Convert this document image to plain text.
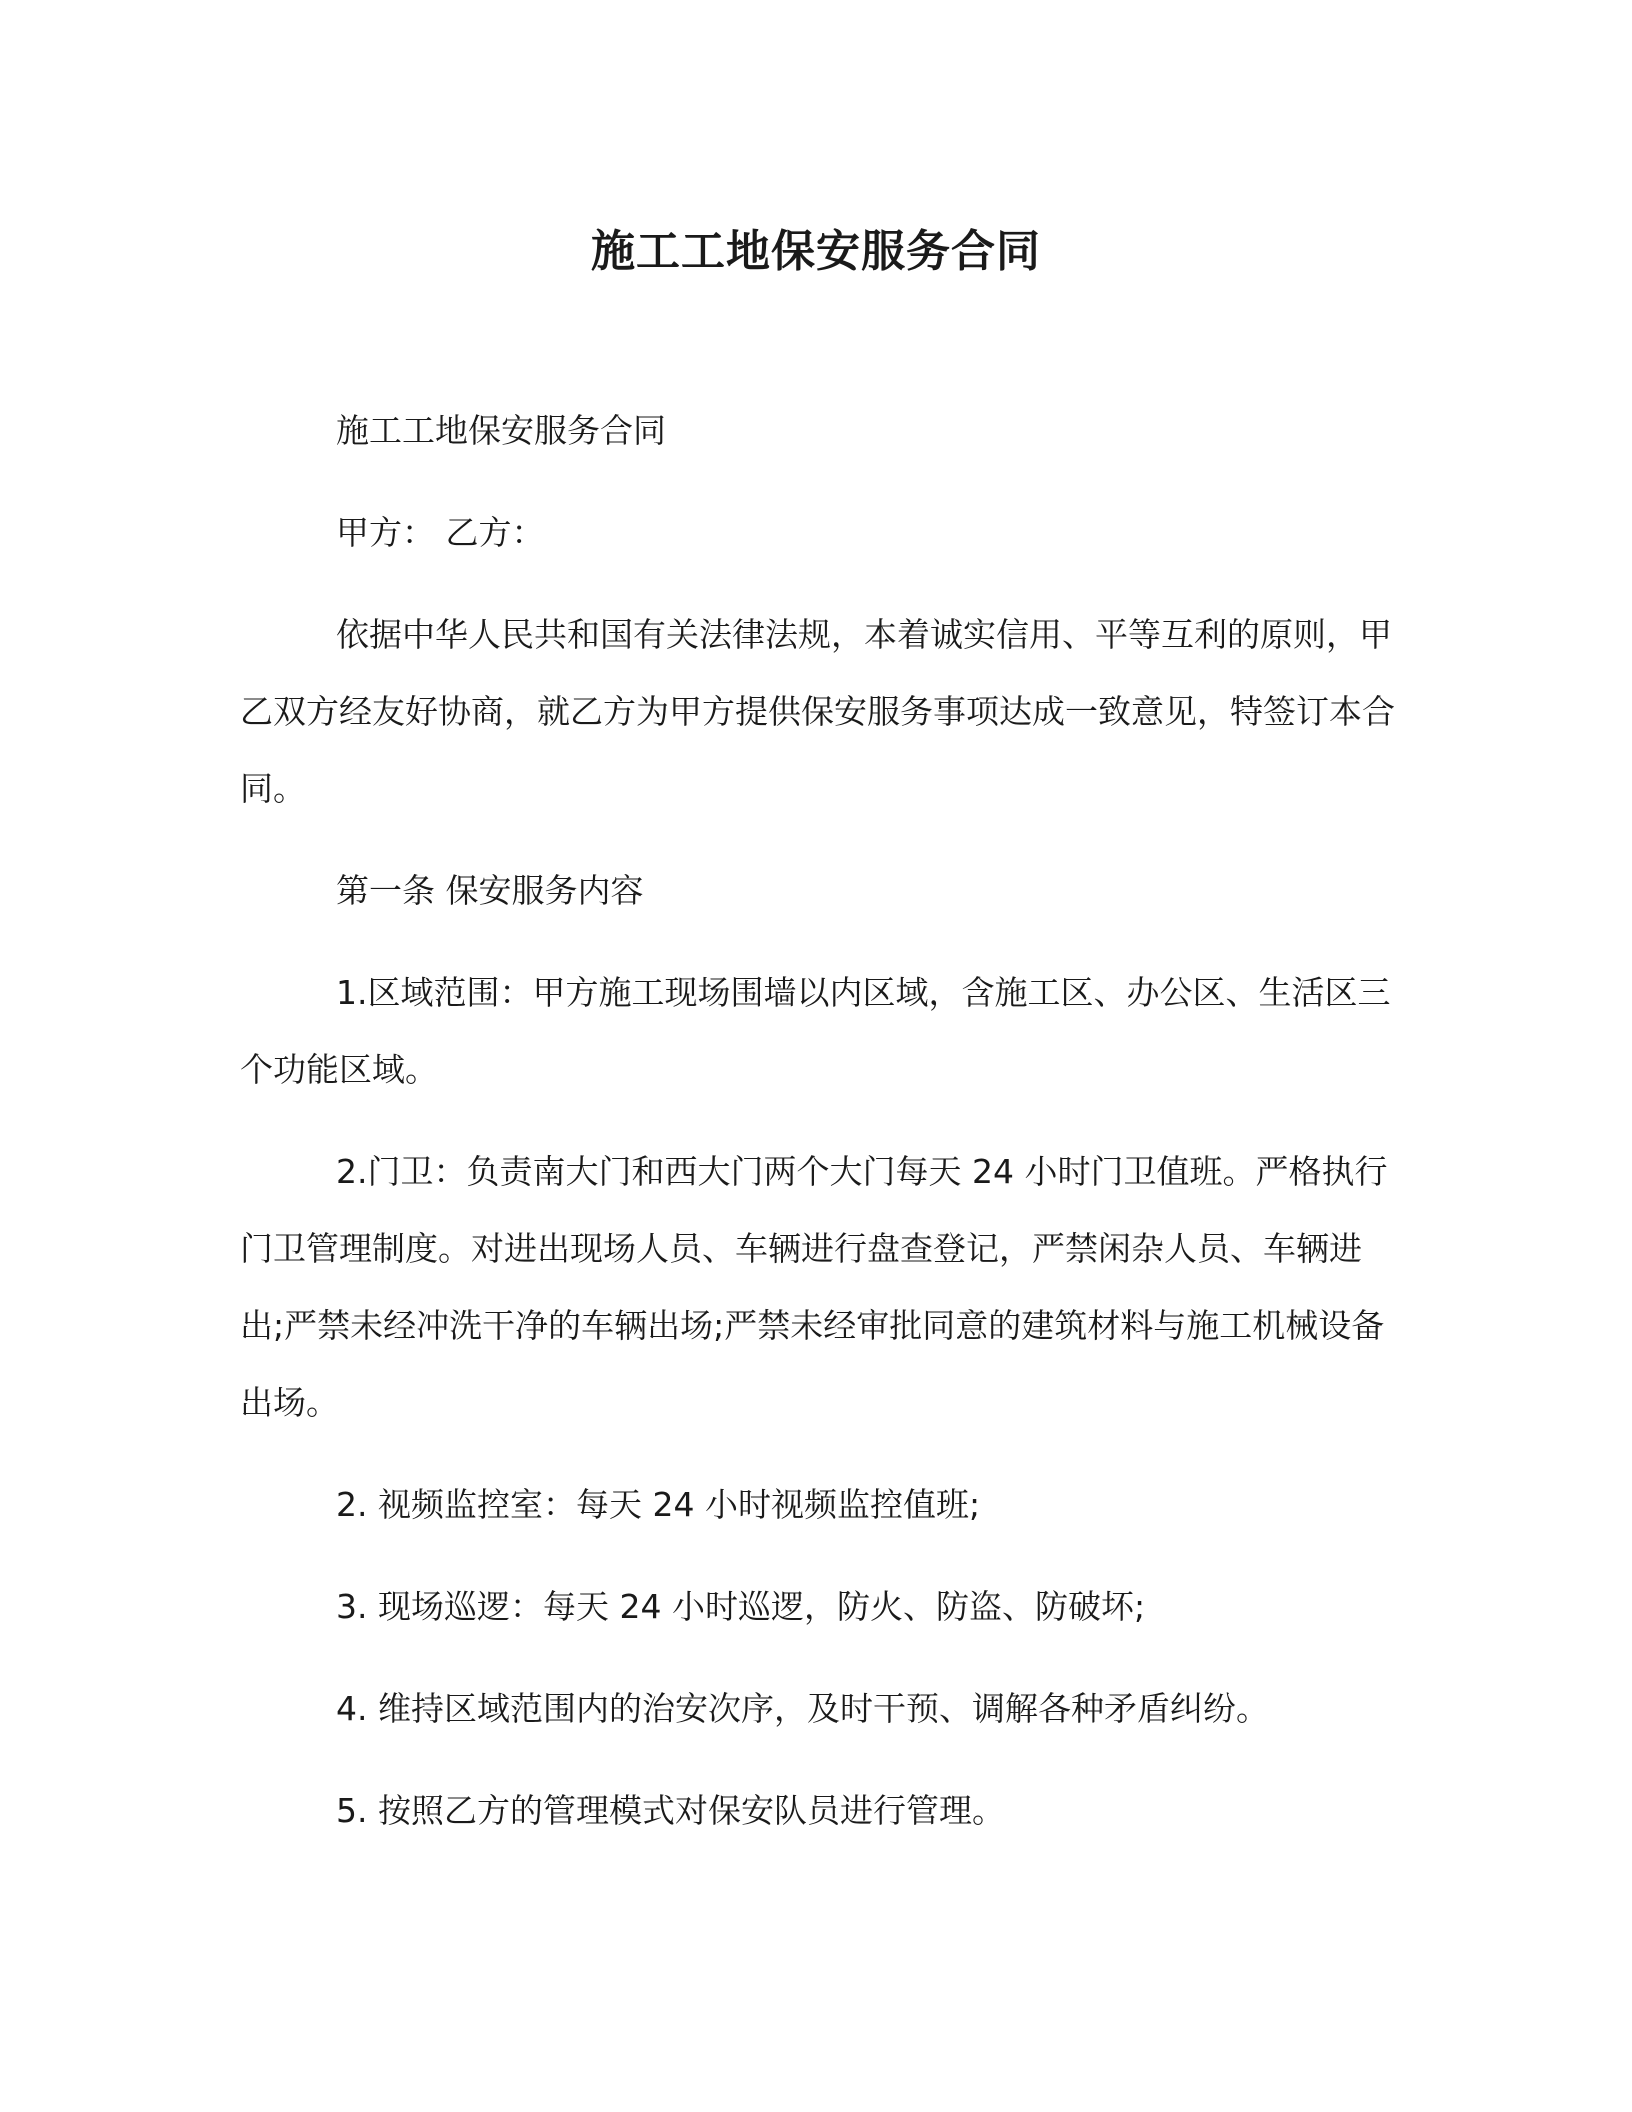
施工工地保安服务合同

施工工地保安服务合同

甲方： 乙方：

依据中华人民共和国有关法律法规，本着诚实信用、平等互利的原则，甲乙双方经友好协商，就乙方为甲方提供保安服务事项达成一致意见，特签订本合同。

第一条 保安服务内容

1.区域范围：甲方施工现场围墙以内区域，含施工区、办公区、生活区三个功能区域。

2.门卫：负责南大门和西大门两个大门每天 24 小时门卫值班。严格执行门卫管理制度。对进出现场人员、车辆进行盘查登记，严禁闲杂人员、车辆进出;严禁未经冲洗干净的车辆出场;严禁未经审批同意的建筑材料与施工机械设备出场。

2. 视频监控室：每天 24 小时视频监控值班;

3. 现场巡逻：每天 24 小时巡逻，防火、防盗、防破坏;

4. 维持区域范围内的治安次序，及时干预、调解各种矛盾纠纷。

5. 按照乙方的管理模式对保安队员进行管理。
